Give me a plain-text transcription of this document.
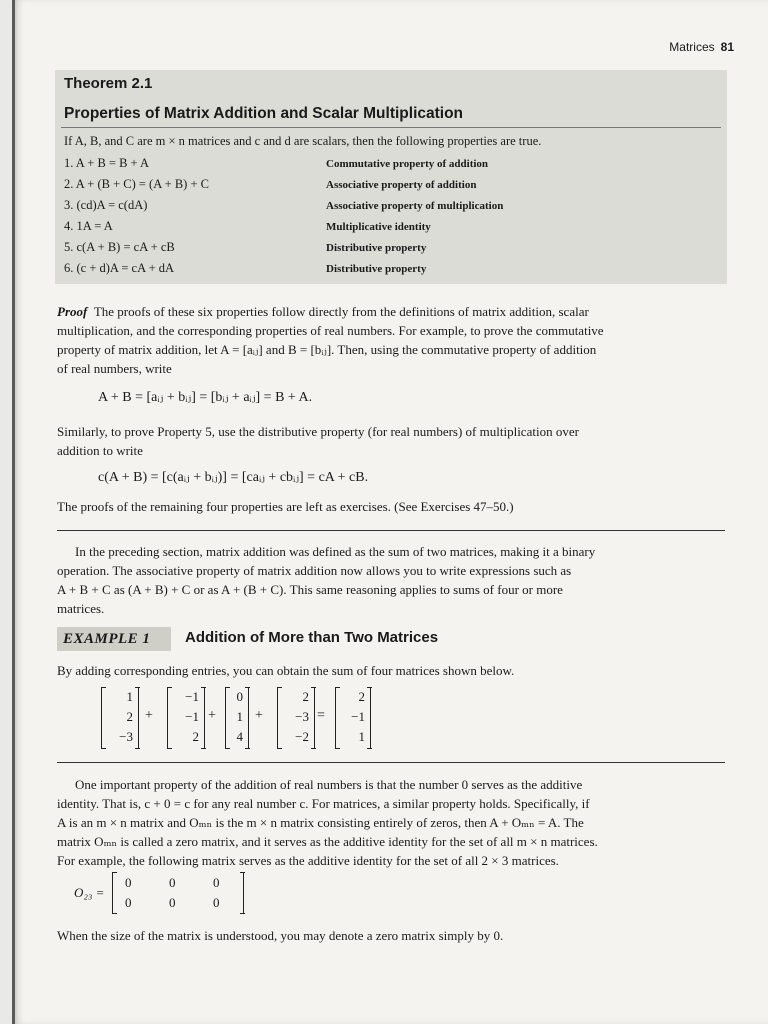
Matrices 81
Theorem 2.1
Properties of Matrix Addition and Scalar Multiplication
If A, B, and C are m × n matrices and c and d are scalars, then the following properties are true.
1. A + B = B + A	Commutative property of addition
2. A + (B + C) = (A + B) + C	Associative property of addition
3. (cd)A = c(dA)	Associative property of multiplication
4. 1A = A	Multiplicative identity
5. c(A + B) = cA + cB	Distributive property
6. (c + d)A = cA + dA	Distributive property
Proof The proofs of these six properties follow directly from the definitions of matrix addition, scalar
multiplication, and the corresponding properties of real numbers. For example, to prove the commutative
property of matrix addition, let A = [aᵢⱼ] and B = [bᵢⱼ]. Then, using the commutative property of addition
of real numbers, write
A + B = [aᵢⱼ + bᵢⱼ] = [bᵢⱼ + aᵢⱼ] = B + A.
Similarly, to prove Property 5, use the distributive property (for real numbers) of multiplication over
addition to write
c(A + B) = [c(aᵢⱼ + bᵢⱼ)] = [caᵢⱼ + cbᵢⱼ] = cA + cB.
The proofs of the remaining four properties are left as exercises. (See Exercises 47–50.)
In the preceding section, matrix addition was defined as the sum of two matrices, making it a binary
operation. The associative property of matrix addition now allows you to write expressions such as
A + B + C as (A + B) + C or as A + (B + C). This same reasoning applies to sums of four or more
matrices.
EXAMPLE 1	Addition of More than Two Matrices
By adding corresponding entries, you can obtain the sum of four matrices shown below.
1
2
−3
+
−1
−1
2
+
0
1
4
+
2
−3
−2
=
2
−1
1
One important property of the addition of real numbers is that the number 0 serves as the additive
identity. That is, c + 0 = c for any real number c. For matrices, a similar property holds. Specifically, if
A is an m × n matrix and Oₘₙ is the m × n matrix consisting entirely of zeros, then A + Oₘₙ = A. The
matrix Oₘₙ is called a zero matrix, and it serves as the additive identity for the set of all m × n matrices.
For example, the following matrix serves as the additive identity for the set of all 2 × 3 matrices.
O₂₃ =
0	0	0
0	0	0
When the size of the matrix is understood, you may denote a zero matrix simply by 0.
